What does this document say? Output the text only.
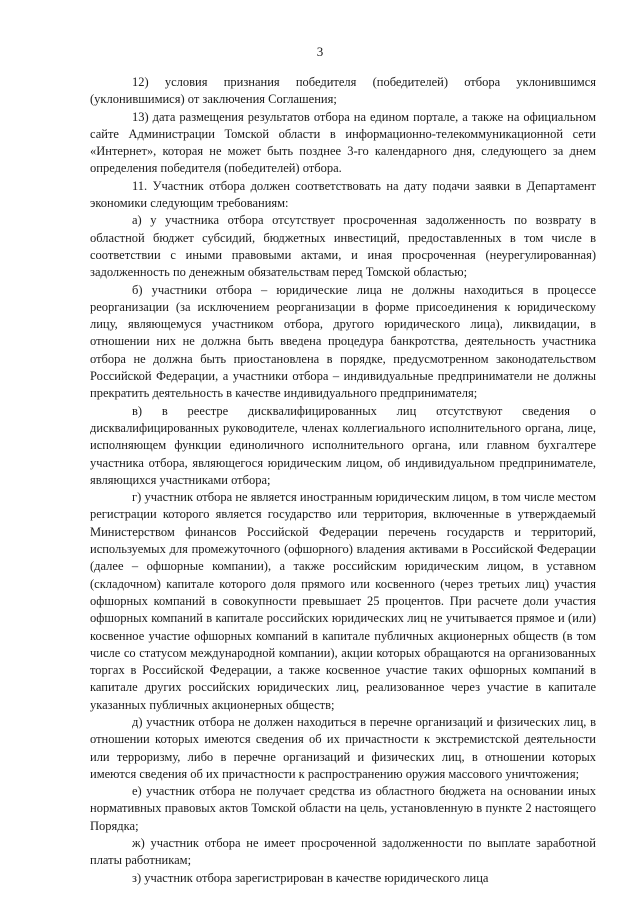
3

12) условия признания победителя (победителей) отбора уклонившимся (уклонившимися) от заключения Соглашения;

13) дата размещения результатов отбора на едином портале, а также на официальном сайте Администрации Томской области в информационно-телекоммуникационной сети «Интернет», которая не может быть позднее 3-го календарного дня, следующего за днем определения победителя (победителей) отбора.

11. Участник отбора должен соответствовать на дату подачи заявки в Департамент экономики следующим требованиям:

а) у участника отбора отсутствует просроченная задолженность по возврату в областной бюджет субсидий, бюджетных инвестиций, предоставленных в том числе в соответствии с иными правовыми актами, и иная просроченная (неурегулированная) задолженность по денежным обязательствам перед Томской областью;

б) участники отбора – юридические лица не должны находиться в процессе реорганизации (за исключением реорганизации в форме присоединения к юридическому лицу, являющемуся участником отбора, другого юридического лица), ликвидации, в отношении них не должна быть введена процедура банкротства, деятельность участника отбора не должна быть приостановлена в порядке, предусмотренном законодательством Российской Федерации, а участники отбора – индивидуальные предприниматели не должны прекратить деятельность в качестве индивидуального предпринимателя;

в) в реестре дисквалифицированных лиц отсутствуют сведения о дисквалифицированных руководителе, членах коллегиального исполнительного органа, лице, исполняющем функции единоличного исполнительного органа, или главном бухгалтере участника отбора, являющегося юридическим лицом, об индивидуальном предпринимателе, являющихся участниками отбора;

г) участник отбора не является иностранным юридическим лицом, в том числе местом регистрации которого является государство или территория, включенные в утверждаемый Министерством финансов Российской Федерации перечень государств и территорий, используемых для промежуточного (офшорного) владения активами в Российской Федерации (далее – офшорные компании), а также российским юридическим лицом, в уставном (складочном) капитале которого доля прямого или косвенного (через третьих лиц) участия офшорных компаний в совокупности превышает 25 процентов. При расчете доли участия офшорных компаний в капитале российских юридических лиц не учитывается прямое и (или) косвенное участие офшорных компаний в капитале публичных акционерных обществ (в том числе со статусом международной компании), акции которых обращаются на организованных торгах в Российской Федерации, а также косвенное участие таких офшорных компаний в капитале других российских юридических лиц, реализованное через участие в капитале указанных публичных акционерных обществ;

д) участник отбора не должен находиться в перечне организаций и физических лиц, в отношении которых имеются сведения об их причастности к экстремистской деятельности или терроризму, либо в перечне организаций и физических лиц, в отношении которых имеются сведения об их причастности к распространению оружия массового уничтожения;

е) участник отбора не получает средства из областного бюджета на основании иных нормативных правовых актов Томской области на цель, установленную в пункте 2 настоящего Порядка;

ж) участник отбора не имеет просроченной задолженности по выплате заработной платы работникам;

з) участник отбора зарегистрирован в качестве юридического лица
